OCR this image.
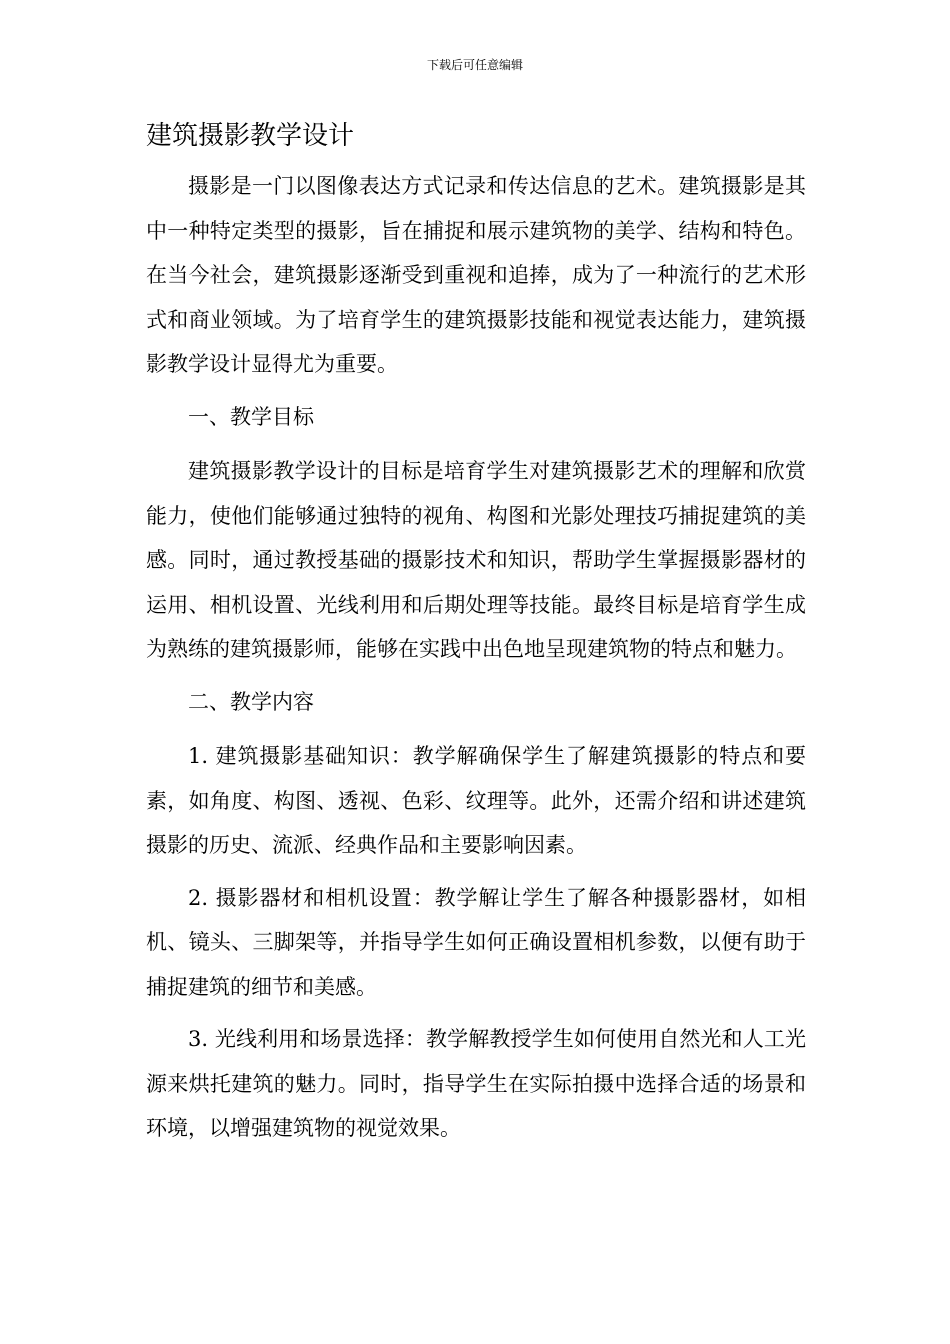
下载后可任意编辑
建筑摄影教学设计

摄影是一门以图像表达方式记录和传达信息的艺术。建筑摄影是其中一种特定类型的摄影，旨在捕捉和展示建筑物的美学、结构和特色。在当今社会，建筑摄影逐渐受到重视和追捧，成为了一种流行的艺术形式和商业领域。为了培育学生的建筑摄影技能和视觉表达能力，建筑摄影教学设计显得尤为重要。

一、教学目标

建筑摄影教学设计的目标是培育学生对建筑摄影艺术的理解和欣赏能力，使他们能够通过独特的视角、构图和光影处理技巧捕捉建筑的美感。同时，通过教授基础的摄影技术和知识，帮助学生掌握摄影器材的运用、相机设置、光线利用和后期处理等技能。最终目标是培育学生成为熟练的建筑摄影师，能够在实践中出色地呈现建筑物的特点和魅力。

二、教学内容

1. 建筑摄影基础知识：教学解确保学生了解建筑摄影的特点和要素，如角度、构图、透视、色彩、纹理等。此外，还需介绍和讲述建筑摄影的历史、流派、经典作品和主要影响因素。

2. 摄影器材和相机设置：教学解让学生了解各种摄影器材，如相机、镜头、三脚架等，并指导学生如何正确设置相机参数，以便有助于捕捉建筑的细节和美感。

3. 光线利用和场景选择：教学解教授学生如何使用自然光和人工光源来烘托建筑的魅力。同时，指导学生在实际拍摄中选择合适的场景和环境，以增强建筑物的视觉效果。
